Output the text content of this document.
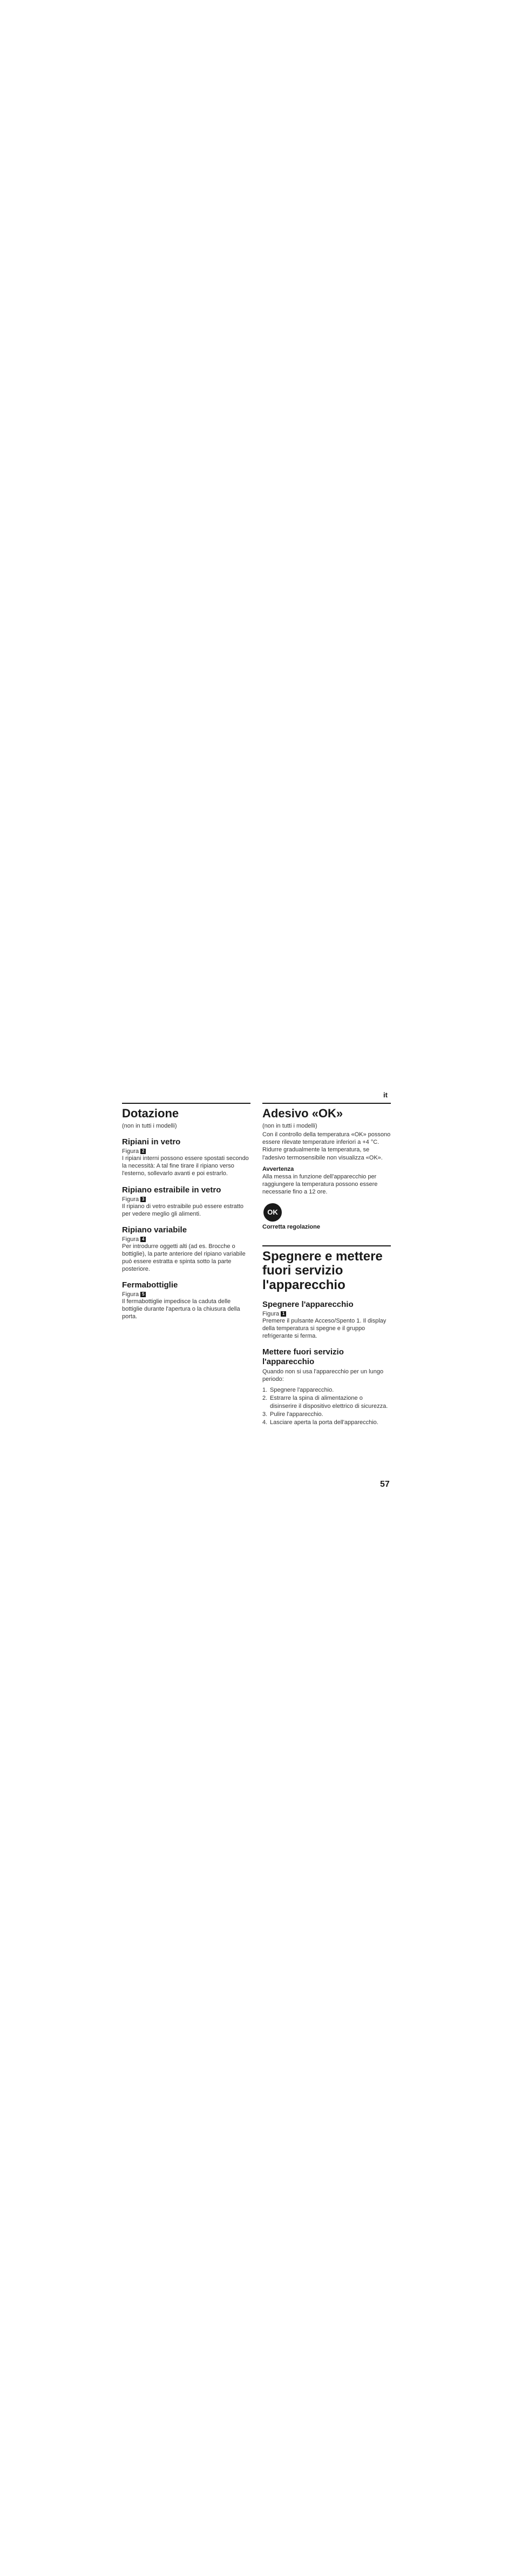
it
Dotazione

(non in tutti i modelli)

Ripiani in vetro
Figura 2

I ripiani interni possono essere spostati secondo la necessità: A tal fine tirare il ripiano verso l'esterno, sollevarlo avanti e poi estrarlo.

Ripiano estraibile in vetro
Figura 3

Il ripiano di vetro estraibile può essere estratto per vedere meglio gli alimenti.

Ripiano variabile
Figura 4

Per introdurre oggetti alti (ad es. Brocche o bottiglie), la parte anteriore del ripiano variabile può essere estratta e spinta sotto la parte posteriore.

Fermabottiglie
Figura 5

Il fermabottiglie impedisce la caduta delle bottiglie durante l'apertura o la chiusura della porta.

Adesivo «OK»

(non in tutti i modelli)

Con il controllo della temperatura «OK» possono essere rilevate temperature inferiori a +4 °C. Ridurre gradualmente la temperatura, se l'adesivo termosensibile non visualizza «OK».

Avvertenza

Alla messa in funzione dell'apparecchio per raggiungere la temperatura possono essere necessarie fino a 12 ore.

OK
Corretta regolazione
Spegnere e mettere fuori servizio l'apparecchio
Spegnere l'apparecchio
Figura 1

Premere il pulsante Acceso/Spento 1. Il display della temperatura si spegne e il gruppo refrigerante si ferma.

Mettere fuori servizio l'apparecchio

Quando non si usa l'apparecchio per un lungo periodo:

1. Spegnere l'apparecchio.
2. Estrarre la spina di alimentazione o disinserire il dispositivo elettrico di sicurezza.
3. Pulire l'apparecchio.
4. Lasciare aperta la porta dell'apparecchio.
57
